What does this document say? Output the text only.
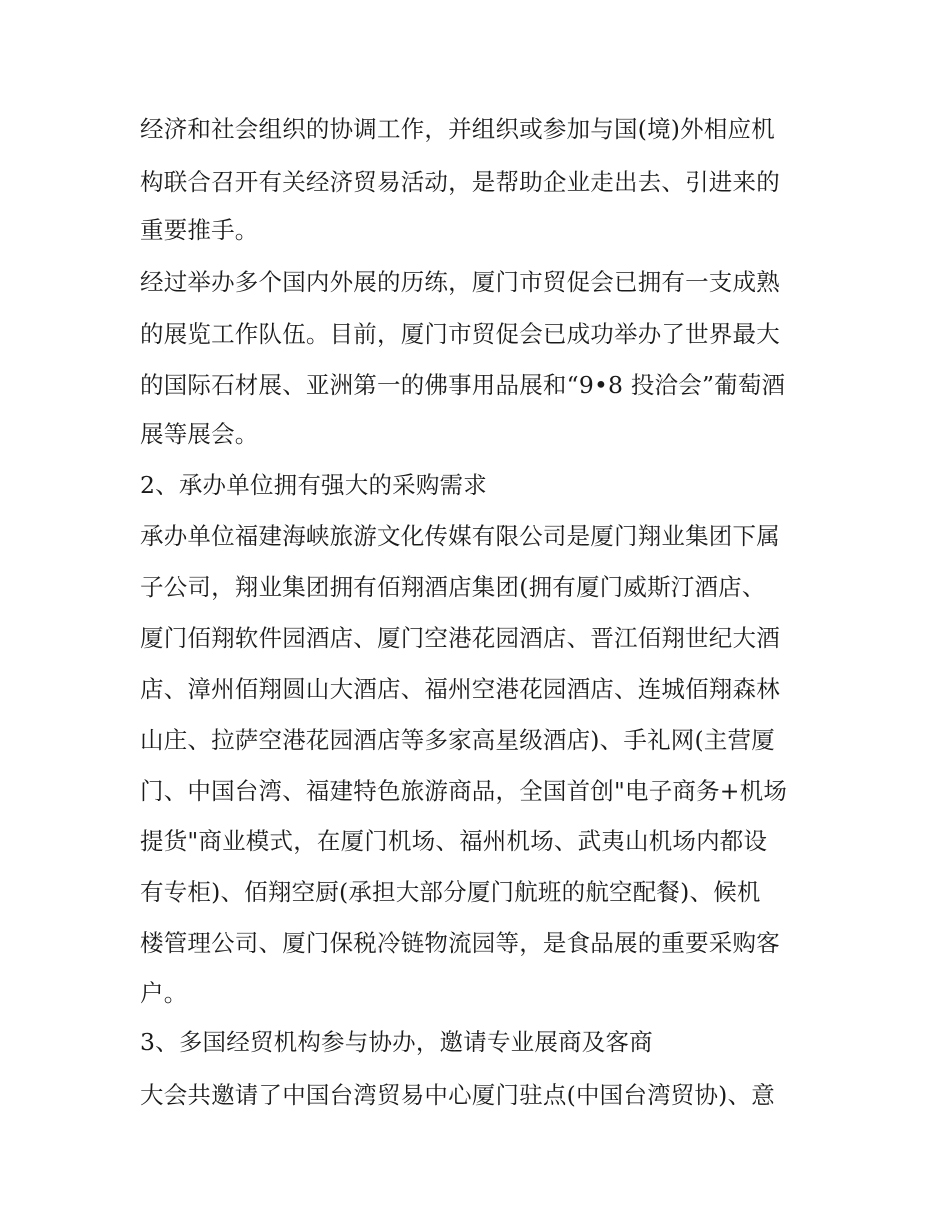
经济和社会组织的协调工作，并组织或参加与国(境)外相应机
构联合召开有关经济贸易活动，是帮助企业走出去、引进来的
重要推手。
经过举办多个国内外展的历练，厦门市贸促会已拥有一支成熟
的展览工作队伍。目前，厦门市贸促会已成功举办了世界最大
的国际石材展、亚洲第一的佛事用品展和“9•8 投洽会”葡萄酒
展等展会。
2、承办单位拥有强大的采购需求
承办单位福建海峡旅游文化传媒有限公司是厦门翔业集团下属
子公司，翔业集团拥有佰翔酒店集团(拥有厦门威斯汀酒店、
厦门佰翔软件园酒店、厦门空港花园酒店、晋江佰翔世纪大酒
店、漳州佰翔圆山大酒店、福州空港花园酒店、连城佰翔森林
山庄、拉萨空港花园酒店等多家高星级酒店)、手礼网(主营厦
门、中国台湾、福建特色旅游商品，全国首创"电子商务+机场
提货"商业模式，在厦门机场、福州机场、武夷山机场内都设
有专柜)、佰翔空厨(承担大部分厦门航班的航空配餐)、候机
楼管理公司、厦门保税冷链物流园等，是食品展的重要采购客
户。
3、多国经贸机构参与协办，邀请专业展商及客商
大会共邀请了中国台湾贸易中心厦门驻点(中国台湾贸协)、意
